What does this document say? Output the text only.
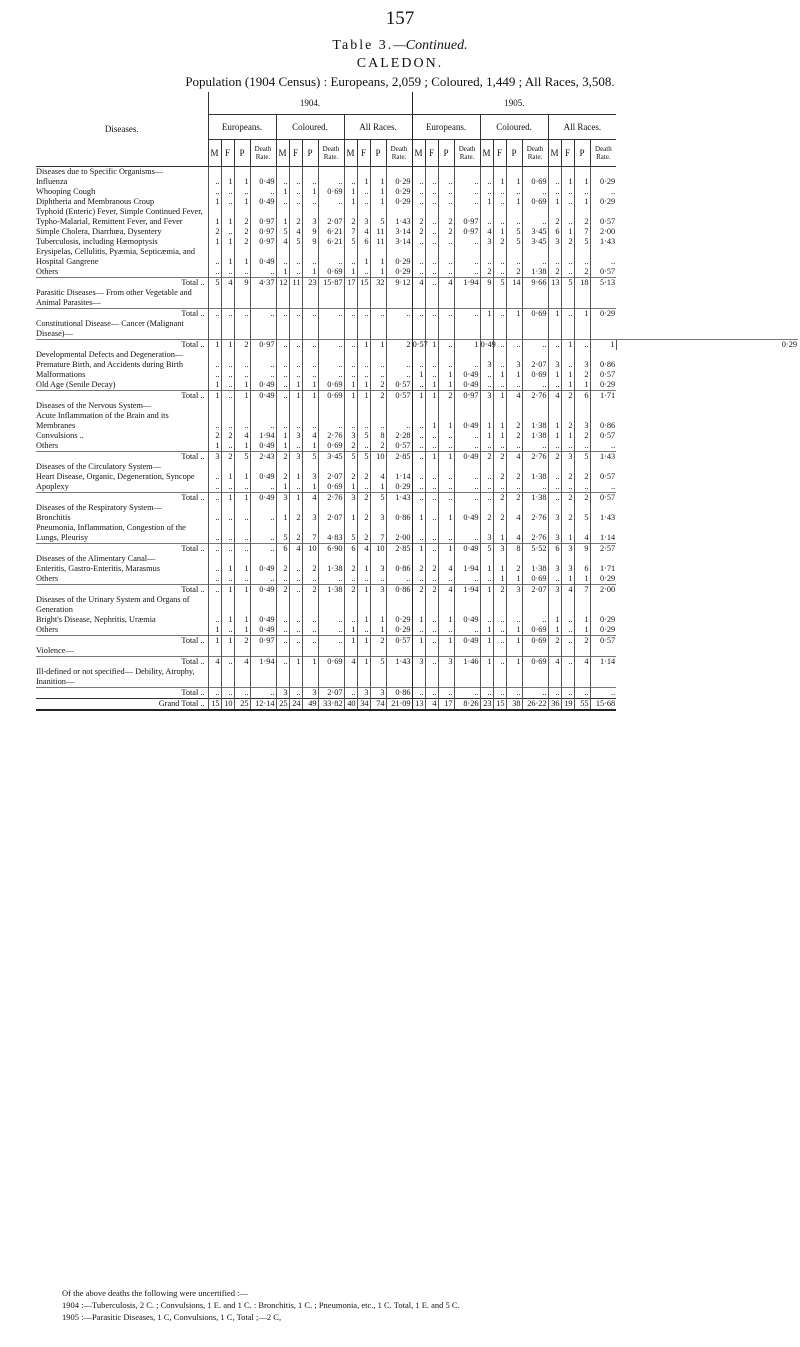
157
Table 3.—Continued.
CALEDON.
Population (1904 Census) : Europeans, 2,059 ; Coloured, 1,449 ; All Races, 3,508.
Diseases.	1904.												1905.												
	Europeans.				Coloured.				All Races.				Europeans.				Coloured.				All Races.				
	M	F	P	Death Rate.	M	F	P	Death Rate.	M	F	P	Death Rate.	M	F	P	Death Rate.	M	F	P	Death Rate.	M	F	P	Death Rate.	
Diseases due to Specific Organisms—																									
Influenza	..	1	1	0·49	..	..	..	..	..	1	1	0·29	..	..	..	..	..	1	1	0·69	..	1	1	0·29	
Whooping Cough	..	..	..	..	1	..	1	0·69	1	..	1	0·29	..	..	..	..	..	..	..	..	..	..	..	..	
Diphtheria and Membranous Croup	1	..	1	0·49	..	..	..	..	1	..	1	0·29	..	..	..	..	1	..	1	0·69	1	..	1	0·29	
Typhoid (Enteric) Fever, Simple Continued Fever, Typho-Malarial, Remittent Fever, and Fever	1	1	2	0·97	1	2	3	2·07	2	3	5	1·43	2	..	2	0·97	..	..	..	..	2	..	2	0·57	
Simple Cholera, Diarrhœa, Dysentery	2	..	2	0·97	5	4	9	6·21	7	4	11	3·14	2	..	2	0·97	4	1	5	3·45	6	1	7	2·00	
Tuberculosis, including Hæmoptysis	1	1	2	0·97	4	5	9	6·21	5	6	11	3·14	..	..	..	..	3	2	5	3·45	3	2	5	1·43	
Erysipelas, Cellulitis, Pyæmia, Septicæmia, and Hospital Gangrene	..	1	1	0·49	..	..	..	..	..	1	1	0·29	..	..	..	..	..	..	..	..	..	..	..	..	
Others	..	..	..	..	1	..	1	0·69	1	..	1	0·29	..	..	..	..	2	..	2	1·38	2	..	2	0·57	
Total ..	5	4	9	4·37	12	11	23	15·87	17	15	32	9·12	4	..	4	1·94	9	5	14	9·66	13	5	18	5·13	
Parasitic Diseases— From other Vegetable and Animal Parasites—																									
Total ..	..	..	..	..	..	..	..	..	..	..	..	..	..	..	..	..	1	..	1	0·69	1	..	1	0·29	
Constitutional Disease— Cancer (Malignant Disease)—																									
Total ..	1	1	2	0·97	..	..	..	..	..	1	1	2	0·57	1	..	1	0·49	..	..	..	..	1	..	1	0·29
Developmental Defects and Degeneration—																									
Premature Birth, and Accidents during Birth	..	..	..	..	..	..	..	..	..	..	..	..	..	..	..	..	3	..	3	2·07	3	..	3	0·86	
Malformations	..	..	..	..	..	..	..	..	..	..	..	..	1	..	1	0·49	..	1	1	0·69	1	1	2	0·57	
Old Age (Senile Decay)	1	..	1	0·49	..	1	1	0·69	1	1	2	0·57	..	1	1	0·49	..	..	..	..	..	1	1	0·29	
Total ..	1	..	1	0·49	..	1	1	0·69	1	1	2	0·57	1	1	2	0·97	3	1	4	2·76	4	2	6	1·71	
Diseases of the Nervous System—																									
Acute Inflammation of the Brain and its Membranes	..	..	..	..	..	..	..	..	..	..	..	..	..	1	1	0·49	1	1	2	1·38	1	2	3	0·86	
Convulsions ..	2	2	4	1·94	1	3	4	2·76	3	5	8	2·28	..	..	..	..	1	1	2	1·38	1	1	2	0·57	
Others	1	..	1	0·49	1	..	1	0·69	2	..	2	0·57	..	..	..	..	..	..	..	..	..	..	..	..	
Total ..	3	2	5	2·43	2	3	5	3·45	5	5	10	2·85	..	1	1	0·49	2	2	4	2·76	2	3	5	1·43	
Diseases of the Circulatory System—																									
Heart Disease, Organic, Degeneration, Syncope	..	1	1	0·49	2	1	3	2·07	2	2	4	1·14	..	..	..	..	..	2	2	1·38	..	2	2	0·57	
Apoplexy	..	..	..	..	1	..	1	0·69	1	..	1	0·29	..	..	..	..	..	..	..	..	..	..	..	..	
Total ..	..	1	1	0·49	3	1	4	2·76	3	2	5	1·43	..	..	..	..	..	2	2	1·38	..	2	2	0·57	
Diseases of the Respiratory System—																									
Bronchitis	..	..	..	..	1	2	3	2·07	1	2	3	0·86	1	..	1	0·49	2	2	4	2·76	3	2	5	1·43	
Pneumonia, Inflammation, Congestion of the Lungs, Pleurisy	..	..	..	..	5	2	7	4·83	5	2	7	2·00	..	..	..	..	3	1	4	2·76	3	1	4	1·14	
Total ..	..	..	..	..	6	4	10	6·90	6	4	10	2·85	1	..	1	0·49	5	3	8	5·52	6	3	9	2·57	
Diseases of the Alimentary Canal—																									
Enteritis, Gastro-Enteritis, Marasmus	..	1	1	0·49	2	..	2	1·38	2	1	3	0·86	2	2	4	1·94	1	1	2	1·38	3	3	6	1·71	
Others	..	..	..	..	..	..	..	..	..	..	..	..	..	..	..	..	..	1	1	0·69	..	1	1	0·29	
Total ..	..	1	1	0·49	2	..	2	1·38	2	1	3	0·86	2	2	4	1·94	1	2	3	2·07	3	4	7	2·00	
Diseases of the Urinary System and Organs of Generation																									
Bright's Disease, Nephritis, Uræmia	..	1	1	0·49	..	..	..	..	..	1	1	0·29	1	..	1	0·49	..	..	..	..	1	..	1	0·29	
Others	1	..	1	0·49	..	..	..	..	1	..	1	0·29	..	..	..	..	1	..	1	0·69	1	..	1	0·29	
Total ..	1	1	2	0·97	..	..	..	..	1	1	2	0·57	1	..	1	0·49	1	..	1	0·69	2	..	2	0·57	
Violence—																									
Total ..	4	..	4	1·94	..	1	1	0·69	4	1	5	1·43	3	..	3	1·46	1	..	1	0·69	4	..	4	1·14	
Ill-defined or not specified— Debility, Atrophy, Inanition—																									
Total ..	..	..	..	..	3	..	3	2·07	..	3	3	0·86	..	..	..	..	..	..	..	..	..	..	..	..	
Grand Total ..	15	10	25	12·14	25	24	49	33·82	40	34	74	21·09	13	4	17	8·26	23	15	38	26·22	36	19	55	15·68	
Of the above deaths the following were uncertified :—
1904 :—Tuberculosis, 2 C. ; Convulsions, 1 E. and 1 C. : Bronchitis, 1 C. ; Pneumonia, etc., 1 C. Total, 1 E. and 5 C.
1905 :—Parasitic Diseases, 1 C, Convulsions, 1 C, Total ;—2 C,
